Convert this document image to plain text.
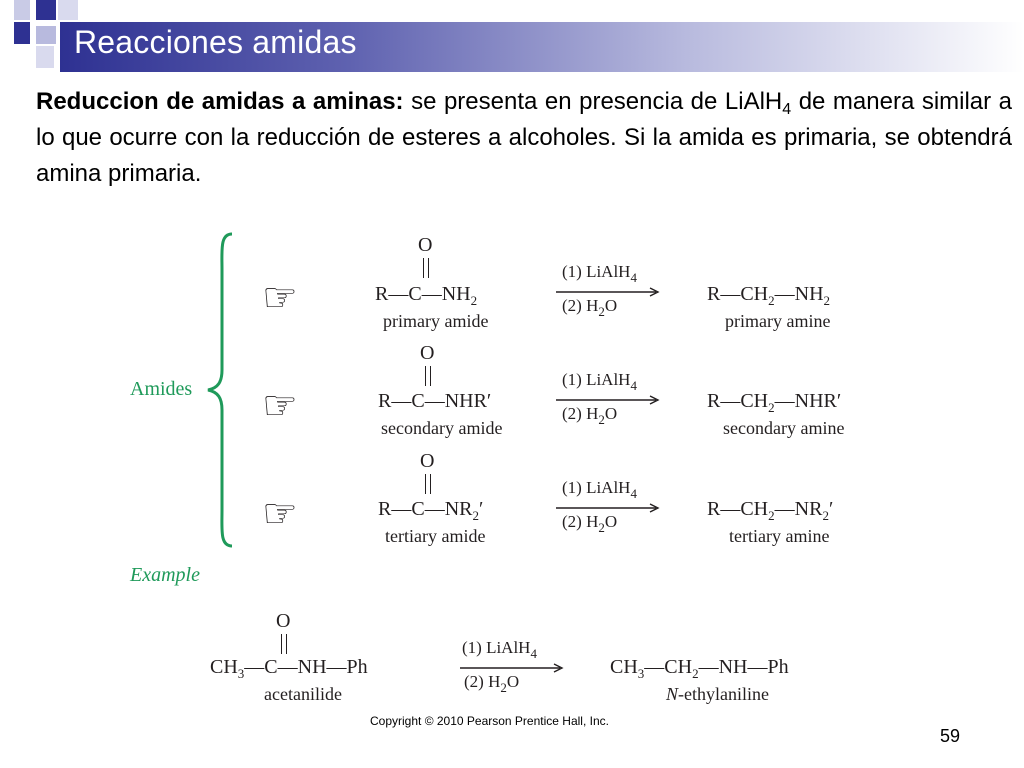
Reacciones amidas

Reduccion de amidas a aminas: se presenta en presencia de LiAlH$_4$ de manera similar a lo que ocurre con la reducción de esteres a alcoholes. Si la amida es primaria, se obtendrá amina primaria.

Amides
☞
☞
☞
O
$R—C—NH_2$
primary amide
(1) LiAlH$_4$
(2) $H_2O$
$R—CH_2—NH_2$
primary amine
O
R—C—NHR′
secondary amide
(1) LiAlH$_4$
(2) $H_2O$
$R—CH_2—NHR'$
secondary amine
O
$R—C—NR_2'$
tertiary amide
(1) LiAlH$_4$
(2) $H_2O$
$R—CH_2—NR_2'$
tertiary amine
Example
O
$CH_3—C—NH—Ph$
acetanilide
(1) LiAlH$_4$
(2) $H_2O$
$CH_3—CH_2—NH—Ph$
N-ethylaniline
Copyright © 2010 Pearson Prentice Hall, Inc.
59
